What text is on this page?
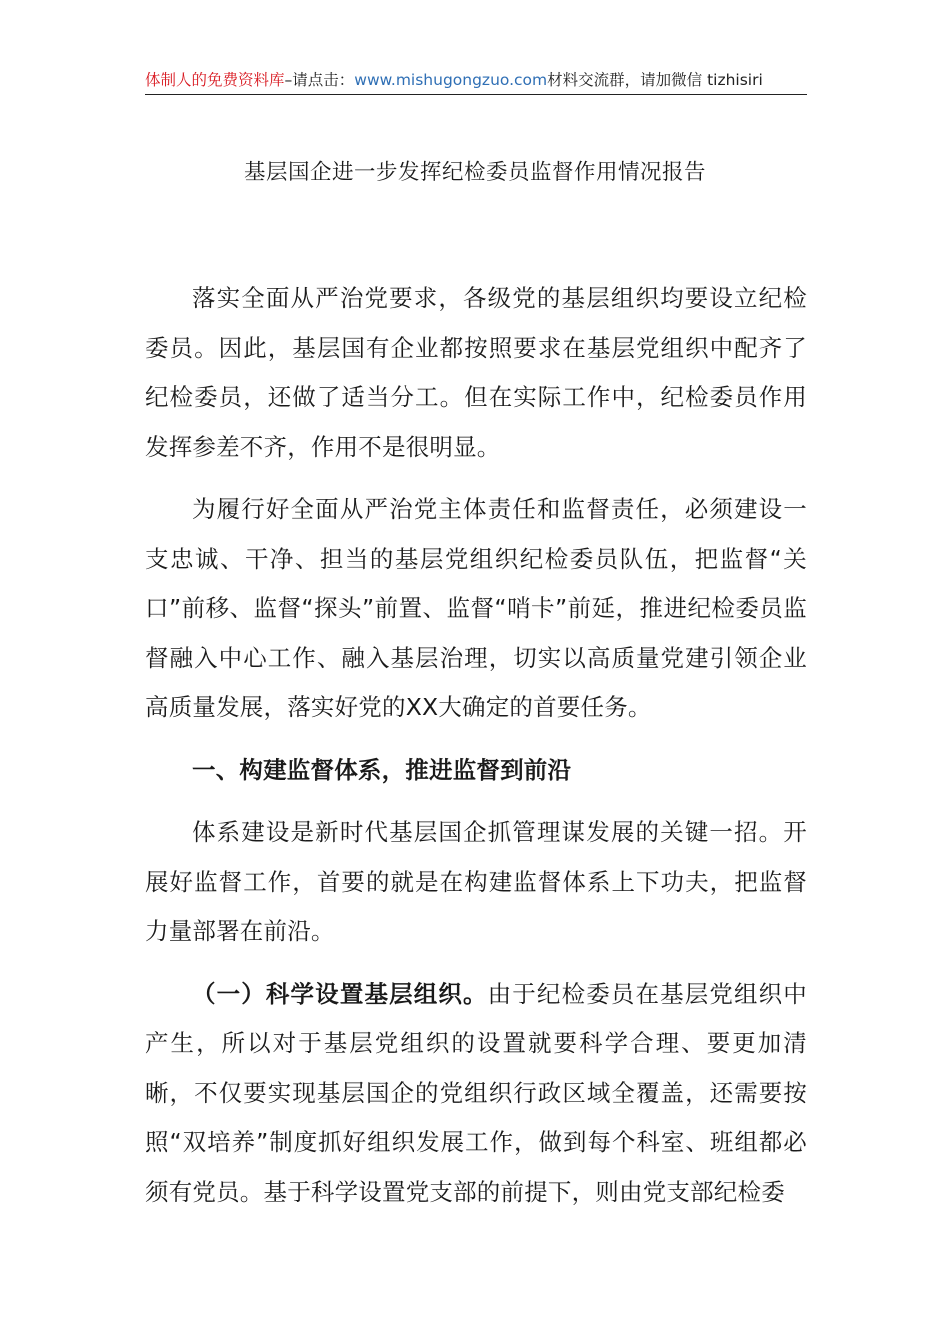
体制人的免费资料库–请点击：www.mishugongzuo.com材料交流群，请加微信 tizhisiri
基层国企进一步发挥纪检委员监督作用情况报告

落实全面从严治党要求，各级党的基层组织均要设立纪检委员。因此，基层国有企业都按照要求在基层党组织中配齐了纪检委员，还做了适当分工。但在实际工作中，纪检委员作用发挥参差不齐，作用不是很明显。

为履行好全面从严治党主体责任和监督责任，必须建设一支忠诚、干净、担当的基层党组织纪检委员队伍，把监督“关口”前移、监督“探头”前置、监督“哨卡”前延，推进纪检委员监督融入中心工作、融入基层治理，切实以高质量党建引领企业高质量发展，落实好党的XX大确定的首要任务。

一、构建监督体系，推进监督到前沿

体系建设是新时代基层国企抓管理谋发展的关键一招。开展好监督工作，首要的就是在构建监督体系上下功夫，把监督力量部署在前沿。

（一）科学设置基层组织。由于纪检委员在基层党组织中产生，所以对于基层党组织的设置就要科学合理、要更加清晰，不仅要实现基层国企的党组织行政区域全覆盖，还需要按照“双培养”制度抓好组织发展工作，做到每个科室、班组都必须有党员。基于科学设置党支部的前提下，则由党支部纪检委
